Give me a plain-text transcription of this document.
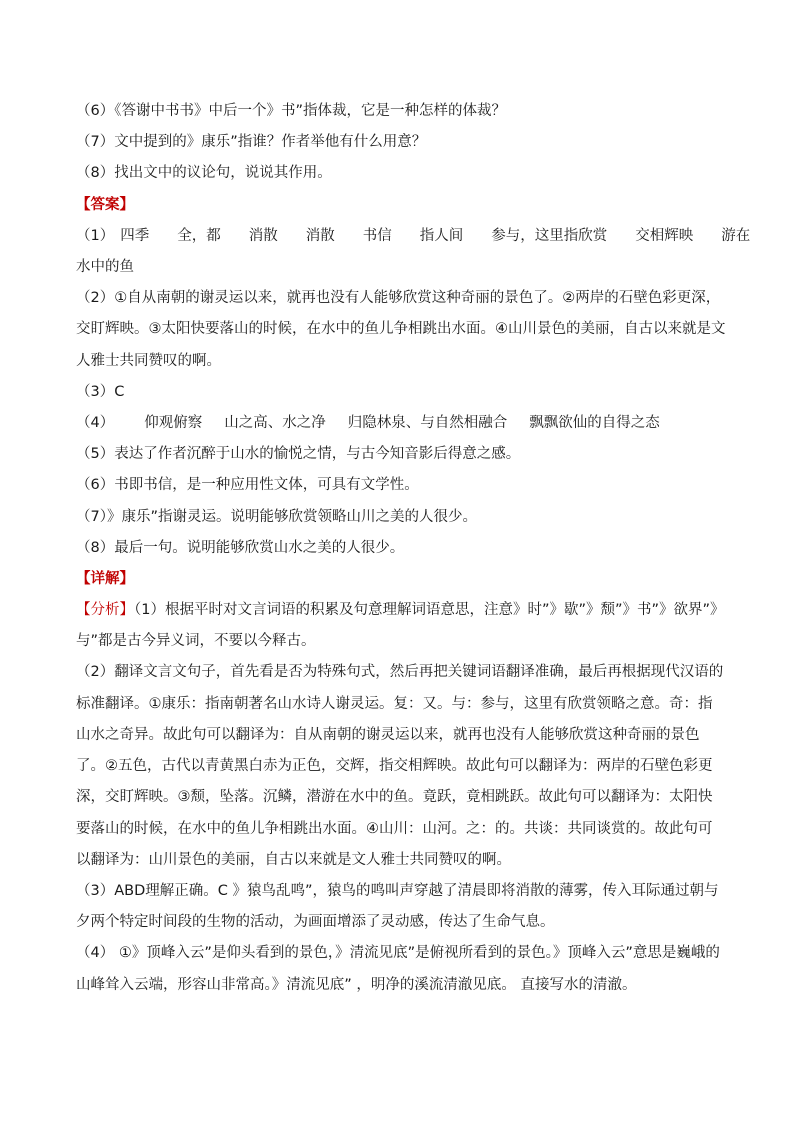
（6）《答谢中书书》中后一个》书”指体裁，它是一种怎样的体裁？
（7）文中提到的》康乐”指谁？作者举他有什么用意？
（8）找出文中的议论句，说说其作用。
【答案】
（1） 四季 全，都 消散 消散 书信 指人间 参与，这里指欣赏 交相辉映 游在
水中的鱼

（2）①自从南朝的谢灵运以来，就再也没有人能够欣赏这种奇丽的景色了。②两岸的石壁色彩更深，交盯辉映。③太阳快要落山的时候，在水中的鱼儿争相跳出水面。④山川景色的美丽，自古以来就是文人雅士共同赞叹的啊。

（3）C
（4） 仰观俯察 山之高、水之净 归隐林泉、与自然相融合 飘飘欲仙的自得之态
（5）表达了作者沉醉于山水的愉悦之情，与古今知音影后得意之感。
（6）书即书信，是一种应用性文体，可具有文学性。
（7）》康乐”指谢灵运。说明能够欣赏领略山川之美的人很少。
（8）最后一句。说明能够欣赏山水之美的人很少。
【详解】

【分析】（1）根据平时对文言词语的积累及句意理解词语意思，注意》时”》歇”》颓”》书”》欲界”》与”都是古今异义词，不要以今释古。

（2）翻译文言文句子，首先看是否为特殊句式，然后再把关键词语翻译准确，最后再根据现代汉语的标准翻译。①康乐：指南朝著名山水诗人谢灵运。复：又。与：参与，这里有欣赏领略之意。奇：指山水之奇异。故此句可以翻译为：自从南朝的谢灵运以来，就再也没有人能够欣赏这种奇丽的景色了。②五色，古代以青黄黑白赤为正色，交辉，指交相辉映。故此句可以翻译为：两岸的石壁色彩更深，交盯辉映。③颓，坠落。沉鳞，潜游在水中的鱼。竟跃，竟相跳跃。故此句可以翻译为：太阳快要落山的时候，在水中的鱼儿争相跳出水面。④山川：山河。之：的。共谈：共同谈赏的。故此句可以翻译为：山川景色的美丽，自古以来就是文人雅士共同赞叹的啊。

（3）ABD理解正确。C 》猿鸟乱鸣”，猿鸟的鸣叫声穿越了清晨即将消散的薄雾，传入耳际通过朝与夕两个特定时间段的生物的活动，为画面增添了灵动感，传达了生命气息。

（4） ①》顶峰入云”是仰头看到的景色，》清流见底”是俯视所看到的景色。》顶峰入云”意思是巍峨的山峰耸入云端，形容山非常高。》清流见底” ，明净的溪流清澈见底。 直接写水的清澈。
